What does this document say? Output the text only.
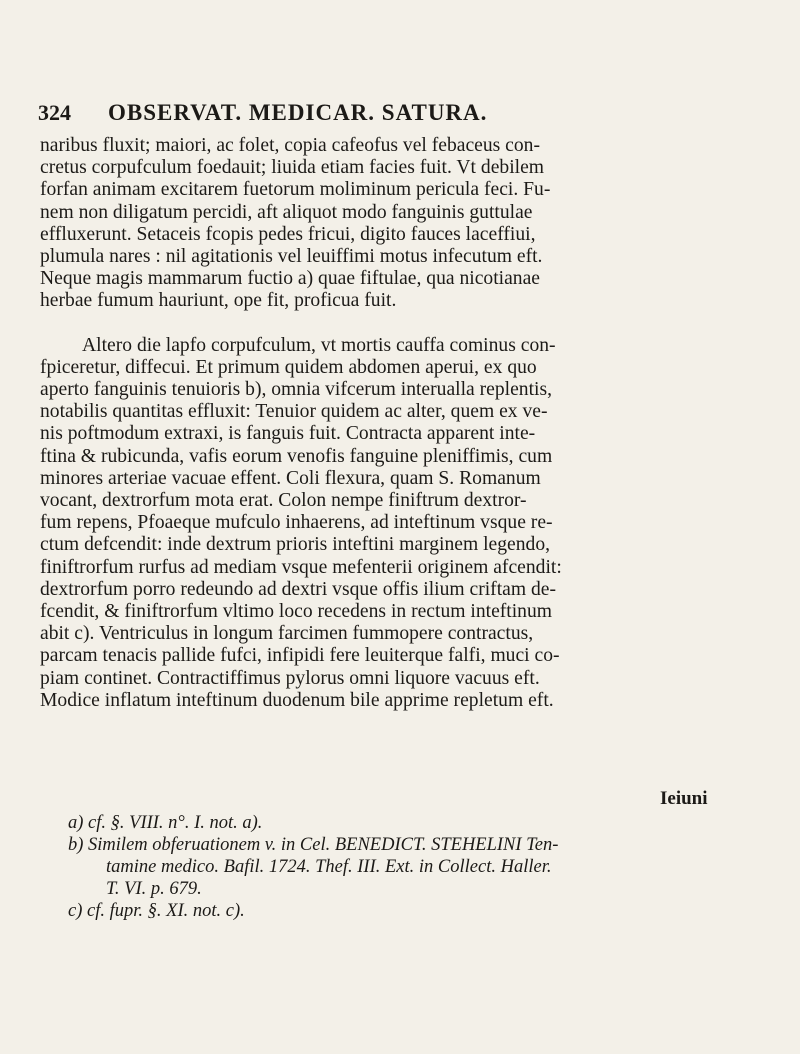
324	OBSERVAT. MEDICAR. SATURA.

naribus fluxit; maiori, ac folet, copia cafeofus vel febaceus con-

cretus corpufculum foedauit; liuida etiam facies fuit. Vt debilem

forfan animam excitarem fuetorum moliminum pericula feci. Fu-

nem non diligatum percidi, aft aliquot modo fanguinis guttulae

effluxerunt. Setaceis fcopis pedes fricui, digito fauces laceffiui,

plumula nares : nil agitationis vel leuiffimi motus infecutum eft.

Neque magis mammarum fuctio a) quae fiftulae, qua nicotianae

herbae fumum hauriunt, ope fit, proficua fuit.

Altero die lapfo corpufculum, vt mortis cauffa cominus con-

fpiceretur, diffecui. Et primum quidem abdomen aperui, ex quo

aperto fanguinis tenuioris b), omnia vifcerum interualla replentis,

notabilis quantitas effluxit: Tenuior quidem ac alter, quem ex ve-

nis poftmodum extraxi, is fanguis fuit. Contracta apparent inte-

ftina & rubicunda, vafis eorum venofis fanguine pleniffimis, cum

minores arteriae vacuae effent. Coli flexura, quam S. Romanum

vocant, dextrorfum mota erat. Colon nempe finiftrum dextror-

fum repens, Pfoaeque mufculo inhaerens, ad inteftinum vsque re-

ctum defcendit: inde dextrum prioris inteftini marginem legendo,

finiftrorfum rurfus ad mediam vsque mefenterii originem afcendit:

dextrorfum porro redeundo ad dextri vsque offis ilium criftam de-

fcendit, & finiftrorfum vltimo loco recedens in rectum inteftinum

abit c). Ventriculus in longum farcimen fummopere contractus,

parcam tenacis pallide fufci, infipidi fere leuiterque falfi, muci co-

piam continet. Contractiffimus pylorus omni liquore vacuus eft.

Modice inflatum inteftinum duodenum bile apprime repletum eft.

Ieiuni

a) cf. §. VIII. n°. I. not. a).

b) Similem obferuationem v. in Cel. BENEDICT. STEHELINI Ten-

tamine medico. Bafil. 1724. Thef. III. Ext. in Collect. Haller.

T. VI. p. 679.

c) cf. fupr. §. XI. not. c).
